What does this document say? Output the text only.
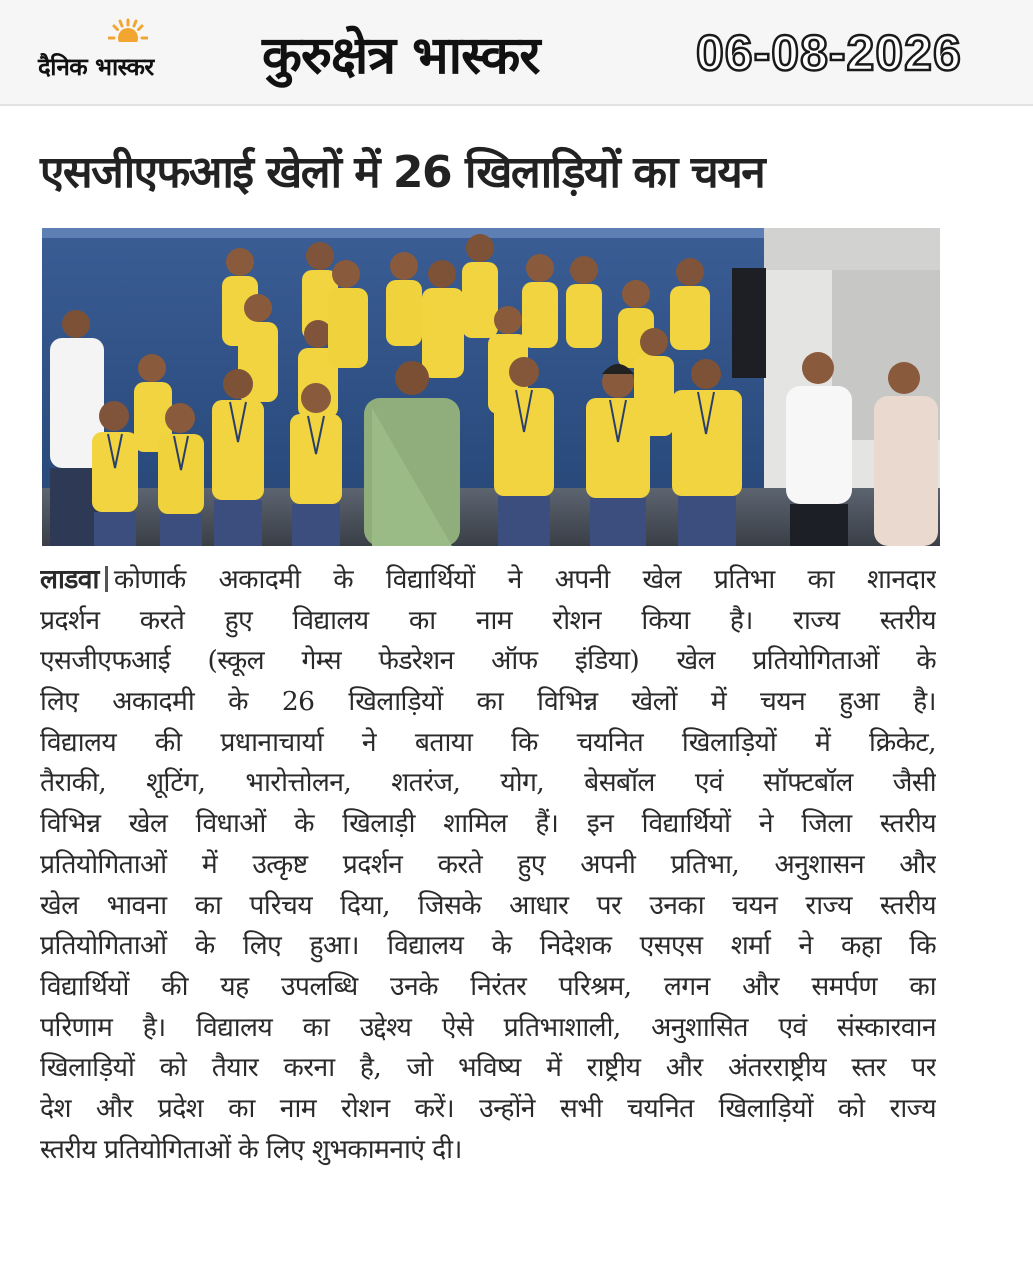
दैनिक भास्कर कुरुक्षेत्र भास्कर	06-08-2026
एसजीएफआई खेलों में 26 खिलाड़ियों का चयन
लाडवा कोणार्क अकादमी के विद्यार्थियों ने अपनी खेल प्रतिभा का शानदार
प्रदर्शन करते हुए विद्यालय का नाम रोशन किया है। राज्य स्तरीय
एसजीएफआई (स्कूल गेम्स फेडरेशन ऑफ इंडिया) खेल प्रतियोगिताओं के
लिए अकादमी के 26 खिलाड़ियों का विभिन्न खेलों में चयन हुआ है।
विद्यालय की प्रधानाचार्या ने बताया कि चयनित खिलाड़ियों में क्रिकेट,
तैराकी, शूटिंग, भारोत्तोलन, शतरंज, योग, बेसबॉल एवं सॉफ्टबॉल जैसी
विभिन्न खेल विधाओं के खिलाड़ी शामिल हैं। इन विद्यार्थियों ने जिला स्तरीय
प्रतियोगिताओं में उत्कृष्ट प्रदर्शन करते हुए अपनी प्रतिभा, अनुशासन और
खेल भावना का परिचय दिया, जिसके आधार पर उनका चयन राज्य स्तरीय
प्रतियोगिताओं के लिए हुआ। विद्यालय के निदेशक एसएस शर्मा ने कहा कि
विद्यार्थियों की यह उपलब्धि उनके निरंतर परिश्रम, लगन और समर्पण का
परिणाम है। विद्यालय का उद्देश्य ऐसे प्रतिभाशाली, अनुशासित एवं संस्कारवान
खिलाड़ियों को तैयार करना है, जो भविष्य में राष्ट्रीय और अंतरराष्ट्रीय स्तर पर
देश और प्रदेश का नाम रोशन करें। उन्होंने सभी चयनित खिलाड़ियों को राज्य
स्तरीय प्रतियोगिताओं के लिए शुभकामनाएं दी।
